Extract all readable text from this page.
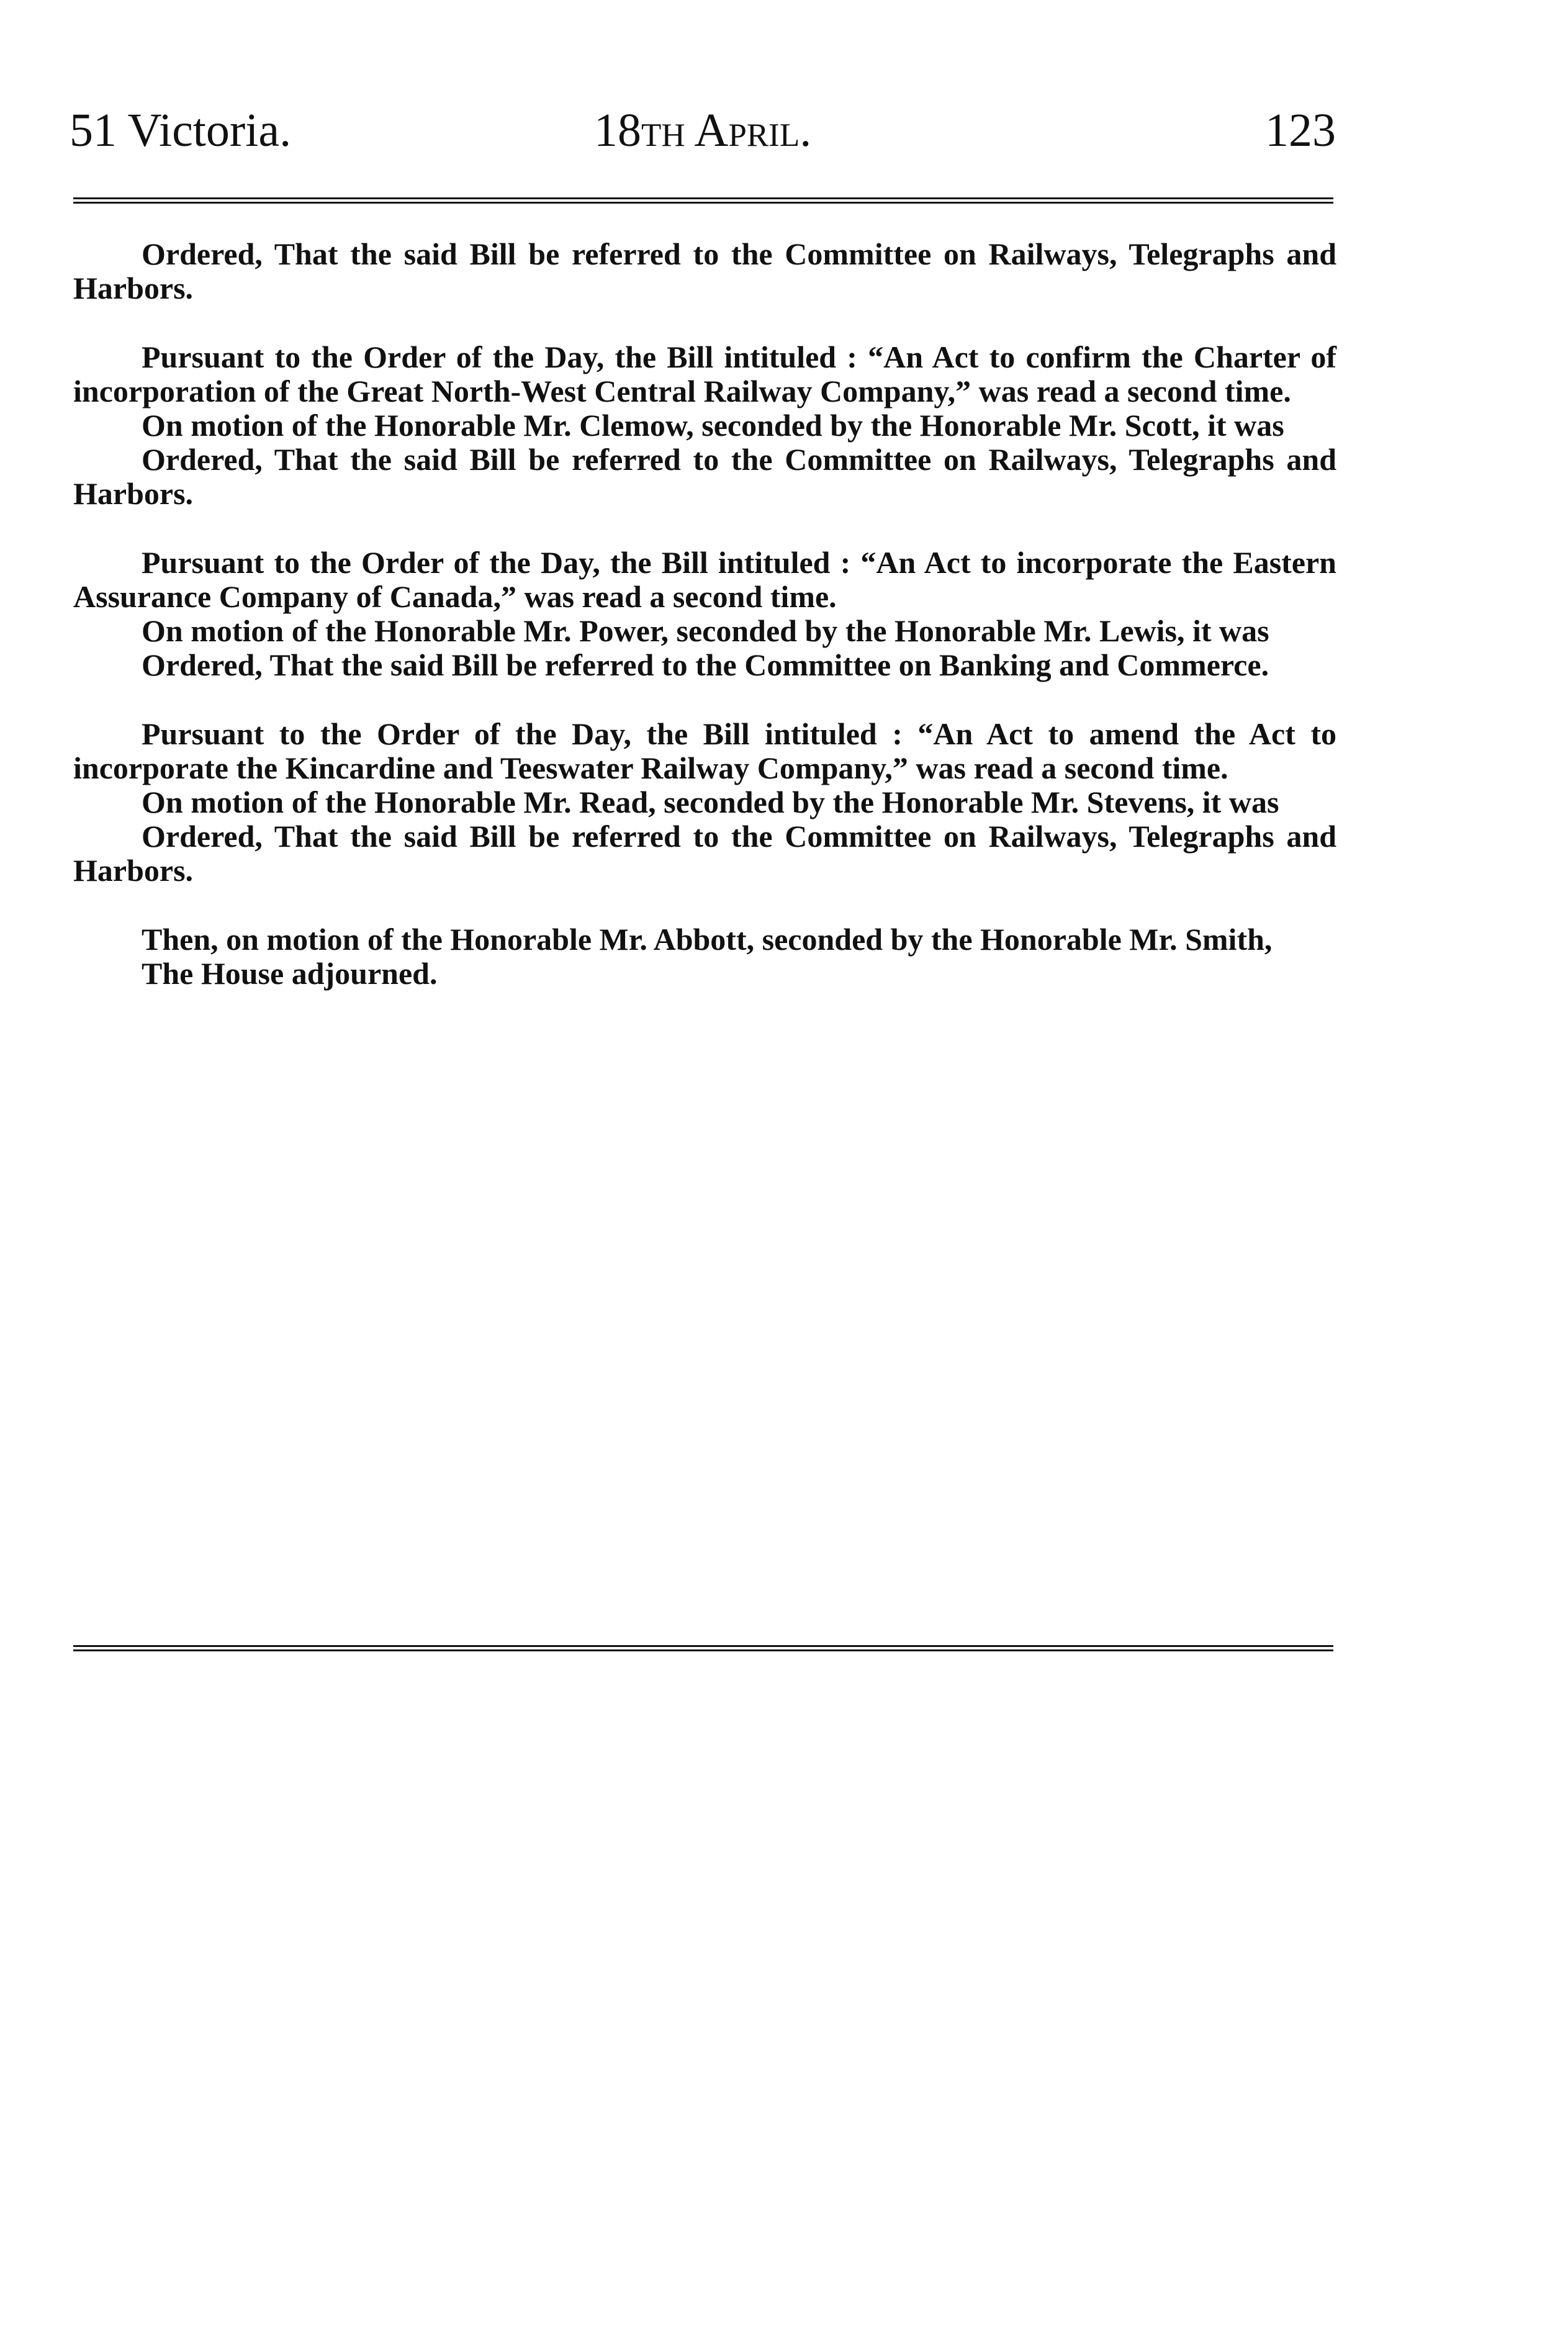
51 Victoria.	18th April.	123

Ordered, That the said Bill be referred to the Committee on Railways, Telegraphs and Harbors.

Pursuant to the Order of the Day, the Bill intituled : “An Act to confirm the Charter of incorporation of the Great North-West Central Railway Company,” was read a second time.

On motion of the Honorable Mr. Clemow, seconded by the Honorable Mr. Scott, it was

Ordered, That the said Bill be referred to the Committee on Railways, Telegraphs and Harbors.

Pursuant to the Order of the Day, the Bill intituled : “An Act to incorporate the Eastern Assurance Company of Canada,” was read a second time.

On motion of the Honorable Mr. Power, seconded by the Honorable Mr. Lewis, it was

Ordered, That the said Bill be referred to the Committee on Banking and Commerce.

Pursuant to the Order of the Day, the Bill intituled : “An Act to amend the Act to incorporate the Kincardine and Teeswater Railway Company,” was read a second time.

On motion of the Honorable Mr. Read, seconded by the Honorable Mr. Stevens, it was

Ordered, That the said Bill be referred to the Committee on Railways, Telegraphs and Harbors.

Then, on motion of the Honorable Mr. Abbott, seconded by the Honorable Mr. Smith,

The House adjourned.
